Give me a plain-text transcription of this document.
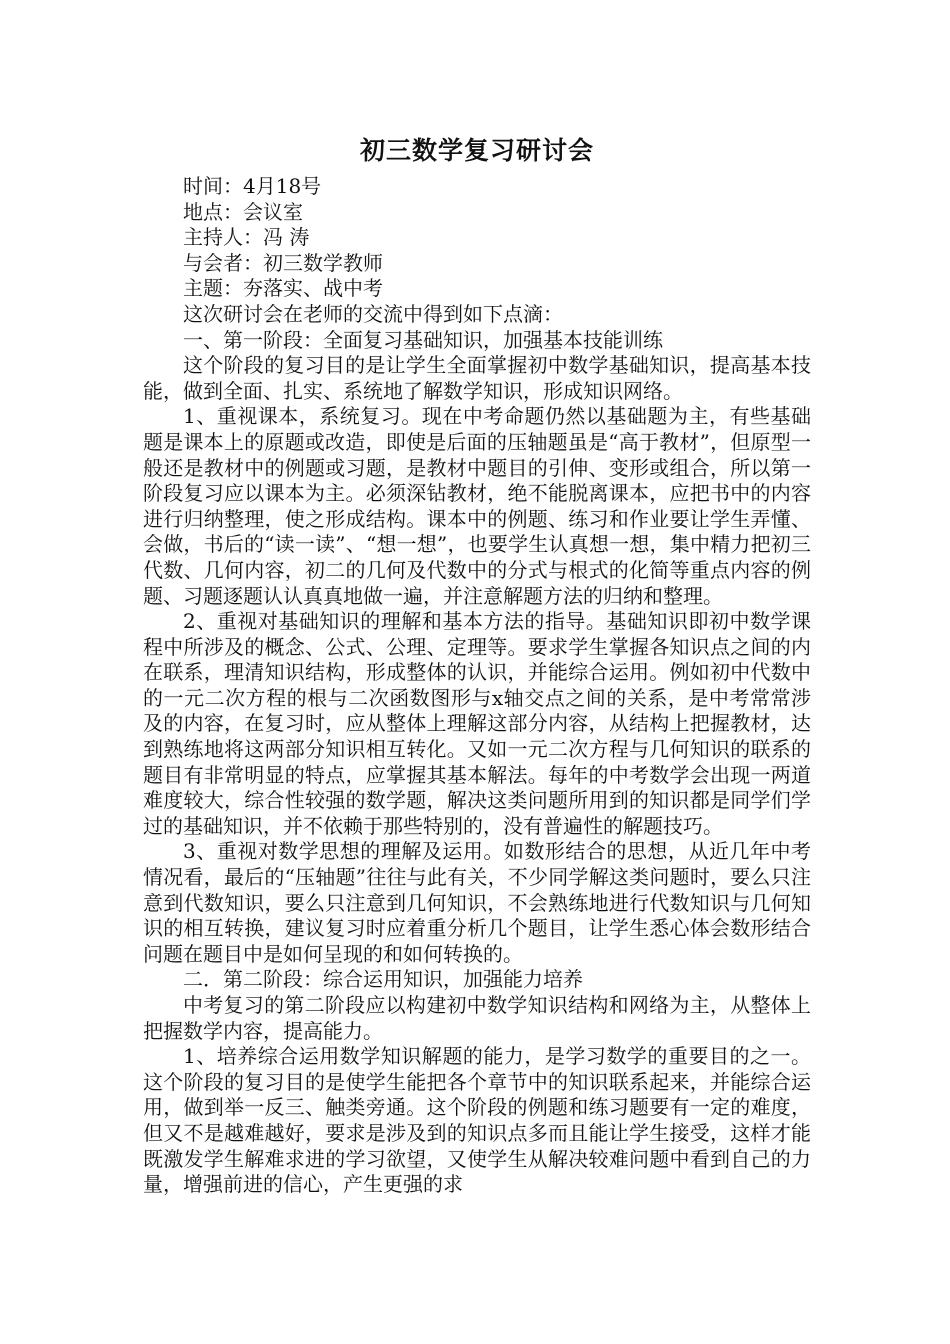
初三数学复习研讨会

时间：4月18号

地点：会议室

主持人：冯 涛

与会者：初三数学教师

主题：夯落实、战中考

这次研讨会在老师的交流中得到如下点滴：

一、第一阶段：全面复习基础知识，加强基本技能训练

这个阶段的复习目的是让学生全面掌握初中数学基础知识，提高基本技能，做到全面、扎实、系统地了解数学知识，形成知识网络。

1、重视课本，系统复习。现在中考命题仍然以基础题为主，有些基础题是课本上的原题或改造，即使是后面的压轴题虽是“高于教材”，但原型一般还是教材中的例题或习题，是教材中题目的引伸、变形或组合，所以第一阶段复习应以课本为主。必须深钻教材，绝不能脱离课本，应把书中的内容进行归纳整理，使之形成结构。课本中的例题、练习和作业要让学生弄懂、会做，书后的“读一读”、“想一想”，也要学生认真想一想，集中精力把初三代数、几何内容，初二的几何及代数中的分式与根式的化简等重点内容的例题、习题逐题认认真真地做一遍，并注意解题方法的归纳和整理。

2、重视对基础知识的理解和基本方法的指导。基础知识即初中数学课程中所涉及的概念、公式、公理、定理等。要求学生掌握各知识点之间的内在联系，理清知识结构，形成整体的认识，并能综合运用。例如初中代数中的一元二次方程的根与二次函数图形与x轴交点之间的关系，是中考常常涉及的内容，在复习时，应从整体上理解这部分内容，从结构上把握教材，达到熟练地将这两部分知识相互转化。又如一元二次方程与几何知识的联系的题目有非常明显的特点，应掌握其基本解法。每年的中考数学会出现一两道难度较大，综合性较强的数学题，解决这类问题所用到的知识都是同学们学过的基础知识，并不依赖于那些特别的，没有普遍性的解题技巧。

3、重视对数学思想的理解及运用。如数形结合的思想，从近几年中考情况看，最后的“压轴题”往往与此有关，不少同学解这类问题时，要么只注意到代数知识，要么只注意到几何知识，不会熟练地进行代数知识与几何知识的相互转换，建议复习时应着重分析几个题目，让学生悉心体会数形结合问题在题目中是如何呈现的和如何转换的。

二．第二阶段：综合运用知识，加强能力培养

中考复习的第二阶段应以构建初中数学知识结构和网络为主，从整体上把握数学内容，提高能力。

1、培养综合运用数学知识解题的能力，是学习数学的重要目的之一。这个阶段的复习目的是使学生能把各个章节中的知识联系起来，并能综合运用，做到举一反三、触类旁通。这个阶段的例题和练习题要有一定的难度，但又不是越难越好，要求是涉及到的知识点多而且能让学生接受，这样才能既激发学生解难求进的学习欲望，又使学生从解决较难问题中看到自己的力量，增强前进的信心，产生更强的求
